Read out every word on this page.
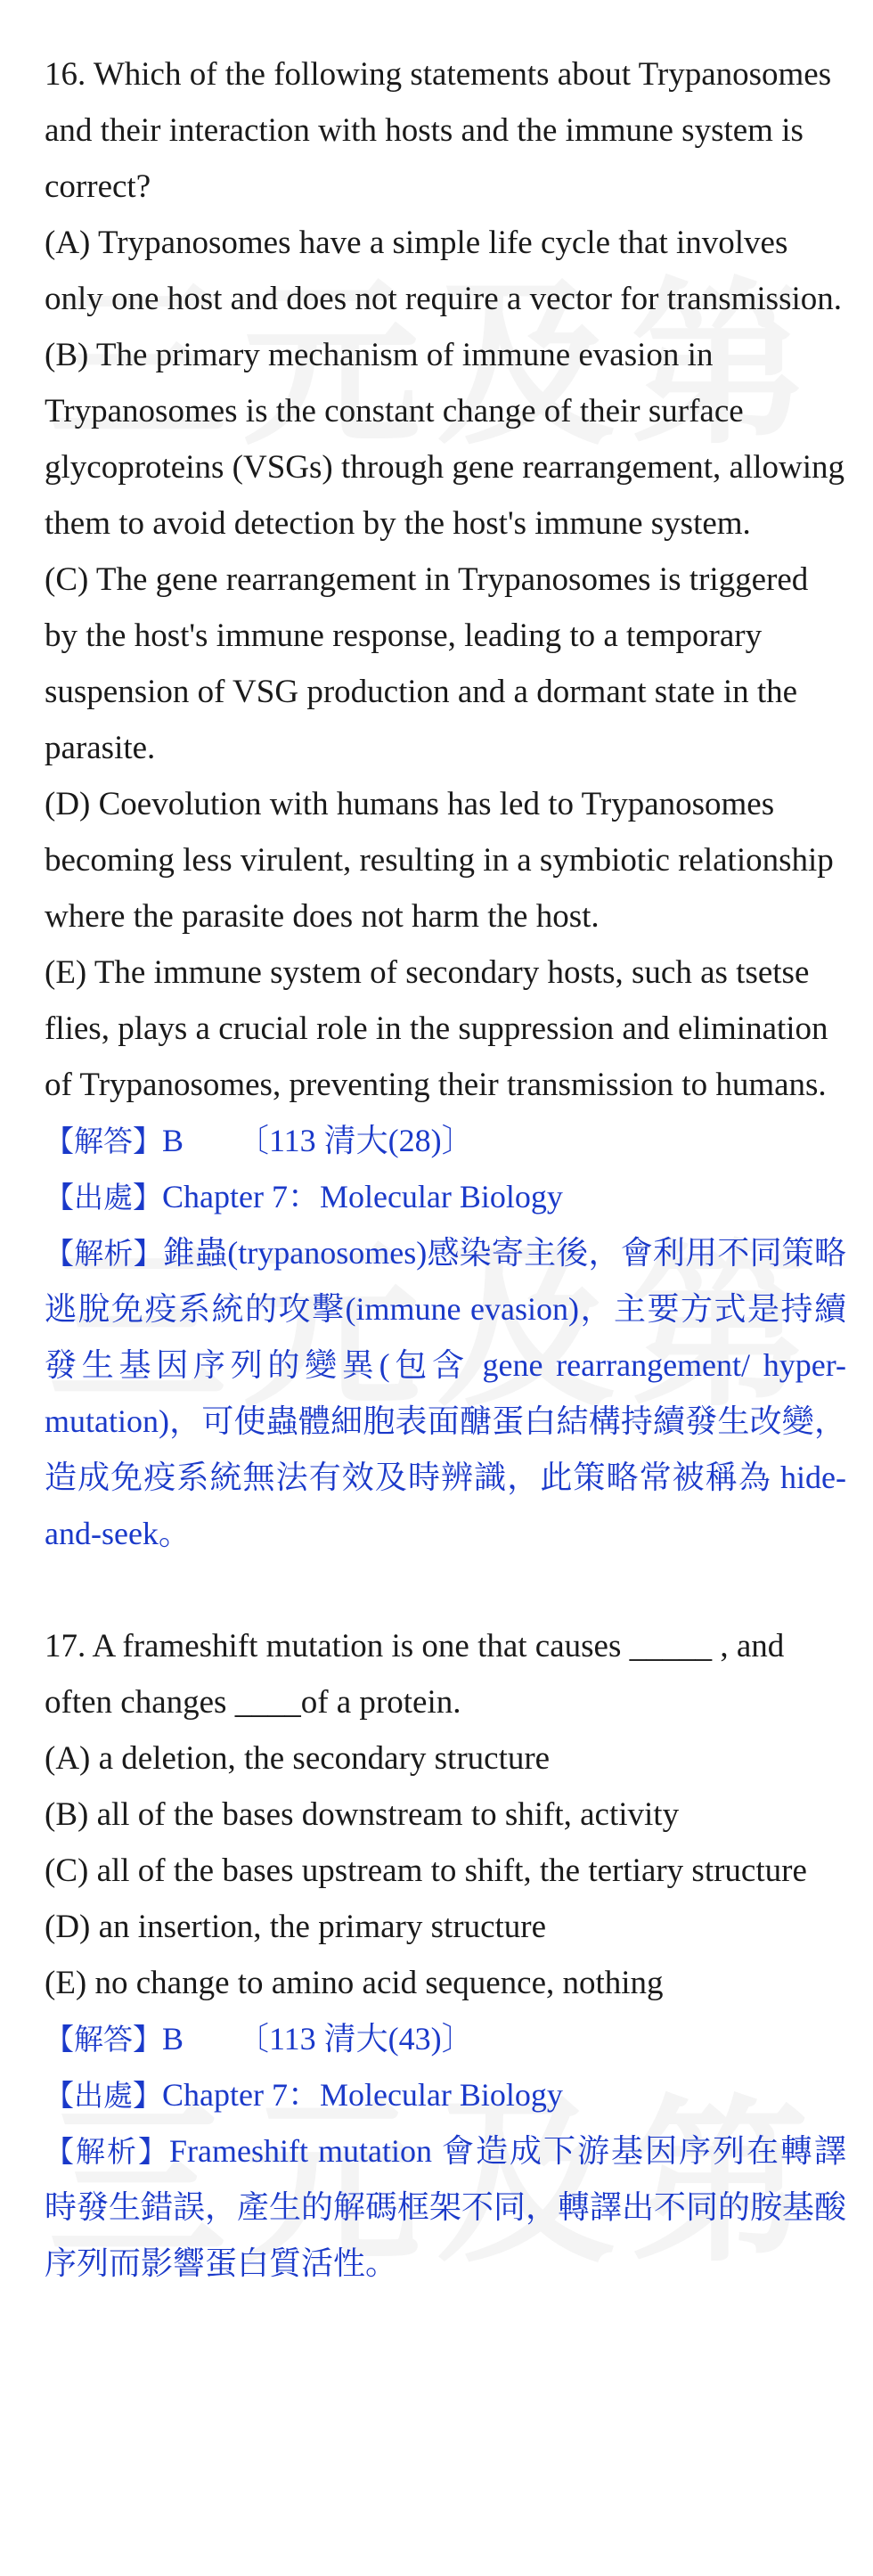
16. Which of the following statements about Trypanosomes and their interaction with hosts and the immune system is correct?

(A) Trypanosomes have a simple life cycle that involves only one host and does not require a vector for transmission.

(B) The primary mechanism of immune evasion in Trypanosomes is the constant change of their surface glycoproteins (VSGs) through gene rearrangement, allowing them to avoid detection by the host's immune system.

(C) The gene rearrangement in Trypanosomes is triggered by the host's immune response, leading to a temporary suspension of VSG production and a dormant state in the parasite.

(D) Coevolution with humans has led to Trypanosomes becoming less virulent, resulting in a symbiotic relationship where the parasite does not harm the host.

(E) The immune system of secondary hosts, such as tsetse flies, plays a crucial role in the suppression and elimination of Trypanosomes, preventing their transmission to humans.

【解答】B 〔113 清大(28)〕

【出處】Chapter 7：Molecular Biology

【解析】錐蟲(trypanosomes)感染寄主後，會利用不同策略逃脫免疫系統的攻擊(immune evasion)，主要方式是持續發生基因序列的變異(包含 gene rearrangement/ hyper-mutation)，可使蟲體細胞表面醣蛋白結構持續發生改變，造成免疫系統無法有效及時辨識，此策略常被稱為 hide-and-seek。

17. A frameshift mutation is one that causes _____ , and often changes ____of a protein.

(A) a deletion, the secondary structure

(B) all of the bases downstream to shift, activity

(C) all of the bases upstream to shift, the tertiary structure

(D) an insertion, the primary structure

(E) no change to amino acid sequence, nothing

【解答】B 〔113 清大(43)〕

【出處】Chapter 7：Molecular Biology

【解析】Frameshift mutation 會造成下游基因序列在轉譯時發生錯誤，產生的解碼框架不同，轉譯出不同的胺基酸序列而影響蛋白質活性。
